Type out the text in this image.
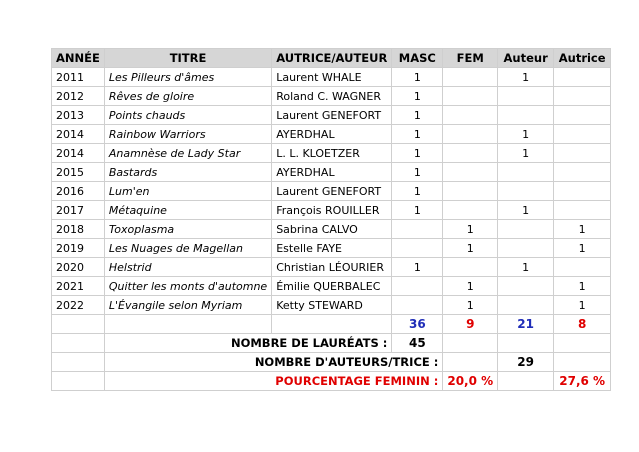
ANNÉE	TITRE	AUTRICE/AUTEUR	MASC	FEM	Auteur	Autrice
2011	Les Pilleurs d'âmes	Laurent WHALE	1		1	
2012	Rêves de gloire	Roland C. WAGNER	1			
2013	Points chauds	Laurent GENEFORT	1			
2014	Rainbow Warriors	AYERDHAL	1		1	
2014	Anamnèse de Lady Star	L. L. KLOETZER	1		1	
2015	Bastards	AYERDHAL	1			
2016	Lum'en	Laurent GENEFORT	1			
2017	Métaquine	François ROUILLER	1		1	
2018	Toxoplasma	Sabrina CALVO		1		1
2019	Les Nuages de Magellan	Estelle FAYE		1		1
2020	Helstrid	Christian LÉOURIER	1		1	
2021	Quitter les monts d'automne	Émilie QUERBALEC		1		1
2022	L'Évangile selon Myriam	Ketty STEWARD		1		1
			36	9	21	8
	NOMBRE DE LAURÉATS :		45			
	NOMBRE D'AUTEURS/TRICE :				29	
	POURCENTAGE FEMININ :			20,0 %		27,6 %
